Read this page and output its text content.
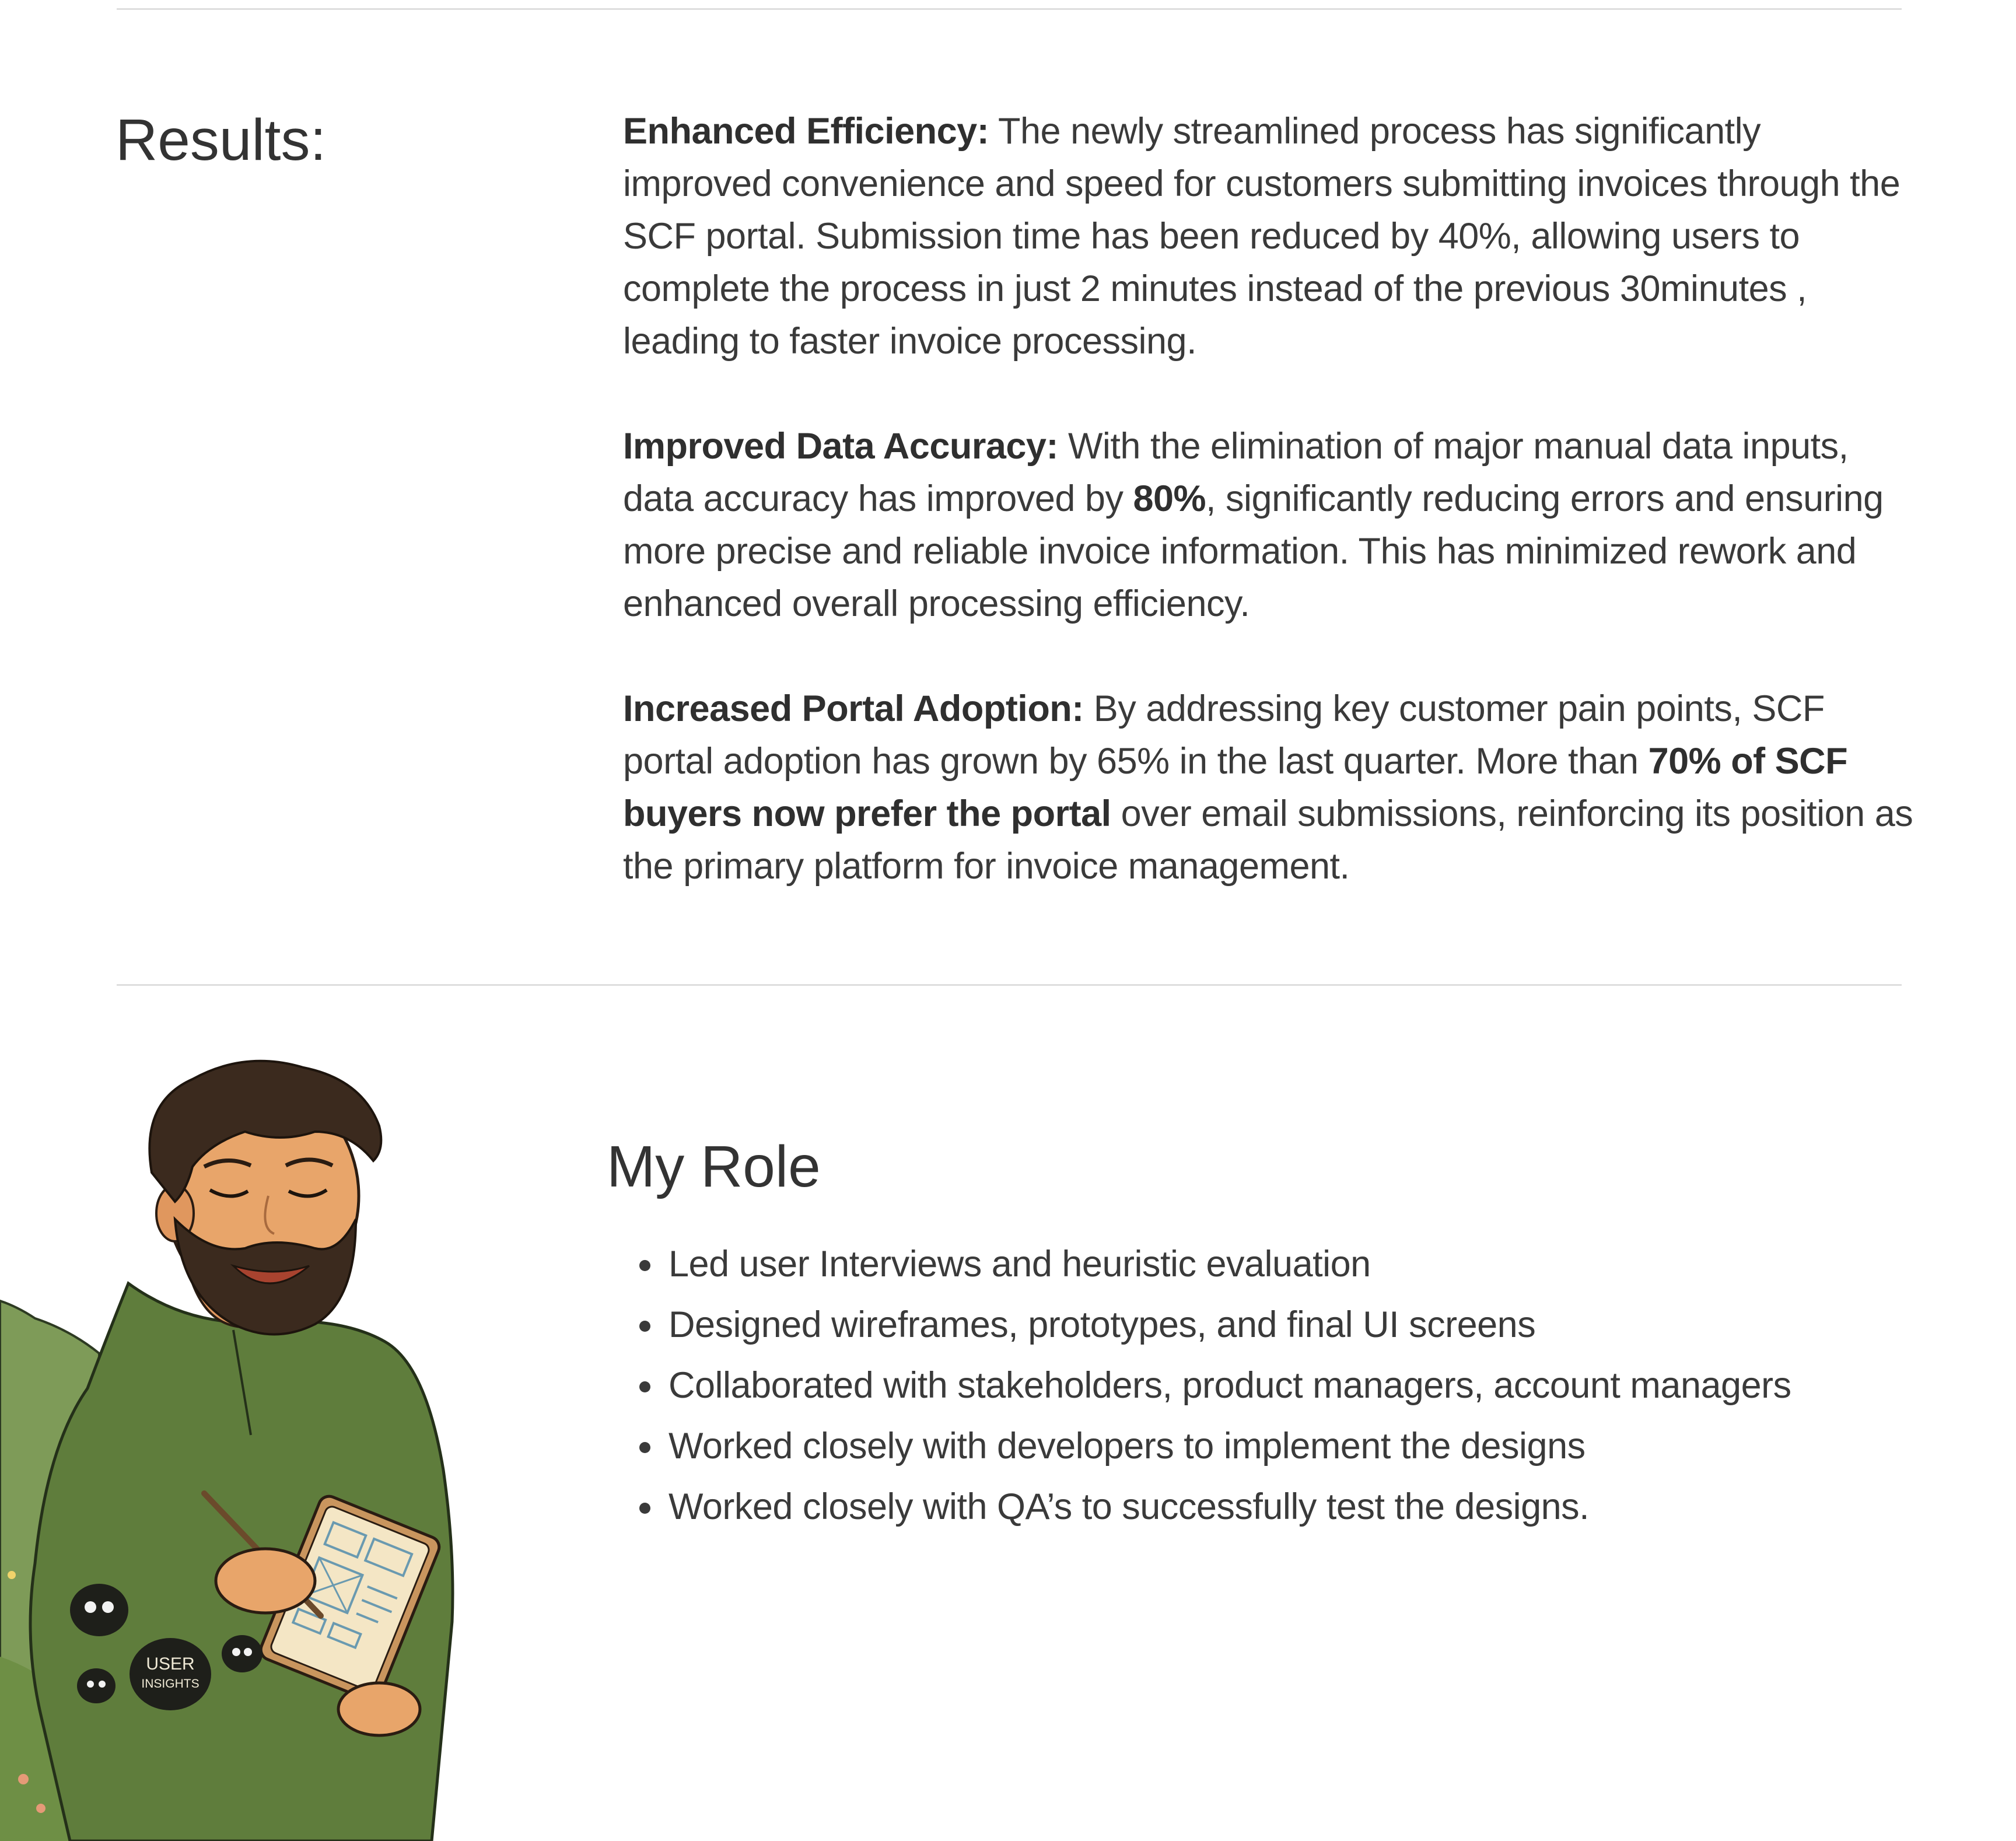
Results:	Enhanced Efficiency: The newly streamlined process has significantly improved convenience and speed for customers submitting invoices through the SCF portal. Submission time has been reduced by 40%, allowing users to complete the process in just 2 minutes instead of the previous 30minutes , leading to faster invoice processing.

Improved Data Accuracy: With the elimination of major manual data inputs, data accuracy has improved by 80%, significantly reducing errors and ensuring more precise and reliable invoice information. This has minimized rework and enhanced overall processing efficiency.

Increased Portal Adoption: By addressing key customer pain points, SCF portal adoption has grown by 65% in the last quarter. More than 70% of SCF buyers now prefer the portal over email submissions, reinforcing its position as the primary platform for invoice management.

USER
INSIGHTS
My Role
• Led user Interviews and heuristic evaluation
• Designed wireframes, prototypes, and final UI screens
• Collaborated with stakeholders, product managers, account managers
• Worked closely with developers to implement the designs
• Worked closely with QA’s to successfully test the designs.
